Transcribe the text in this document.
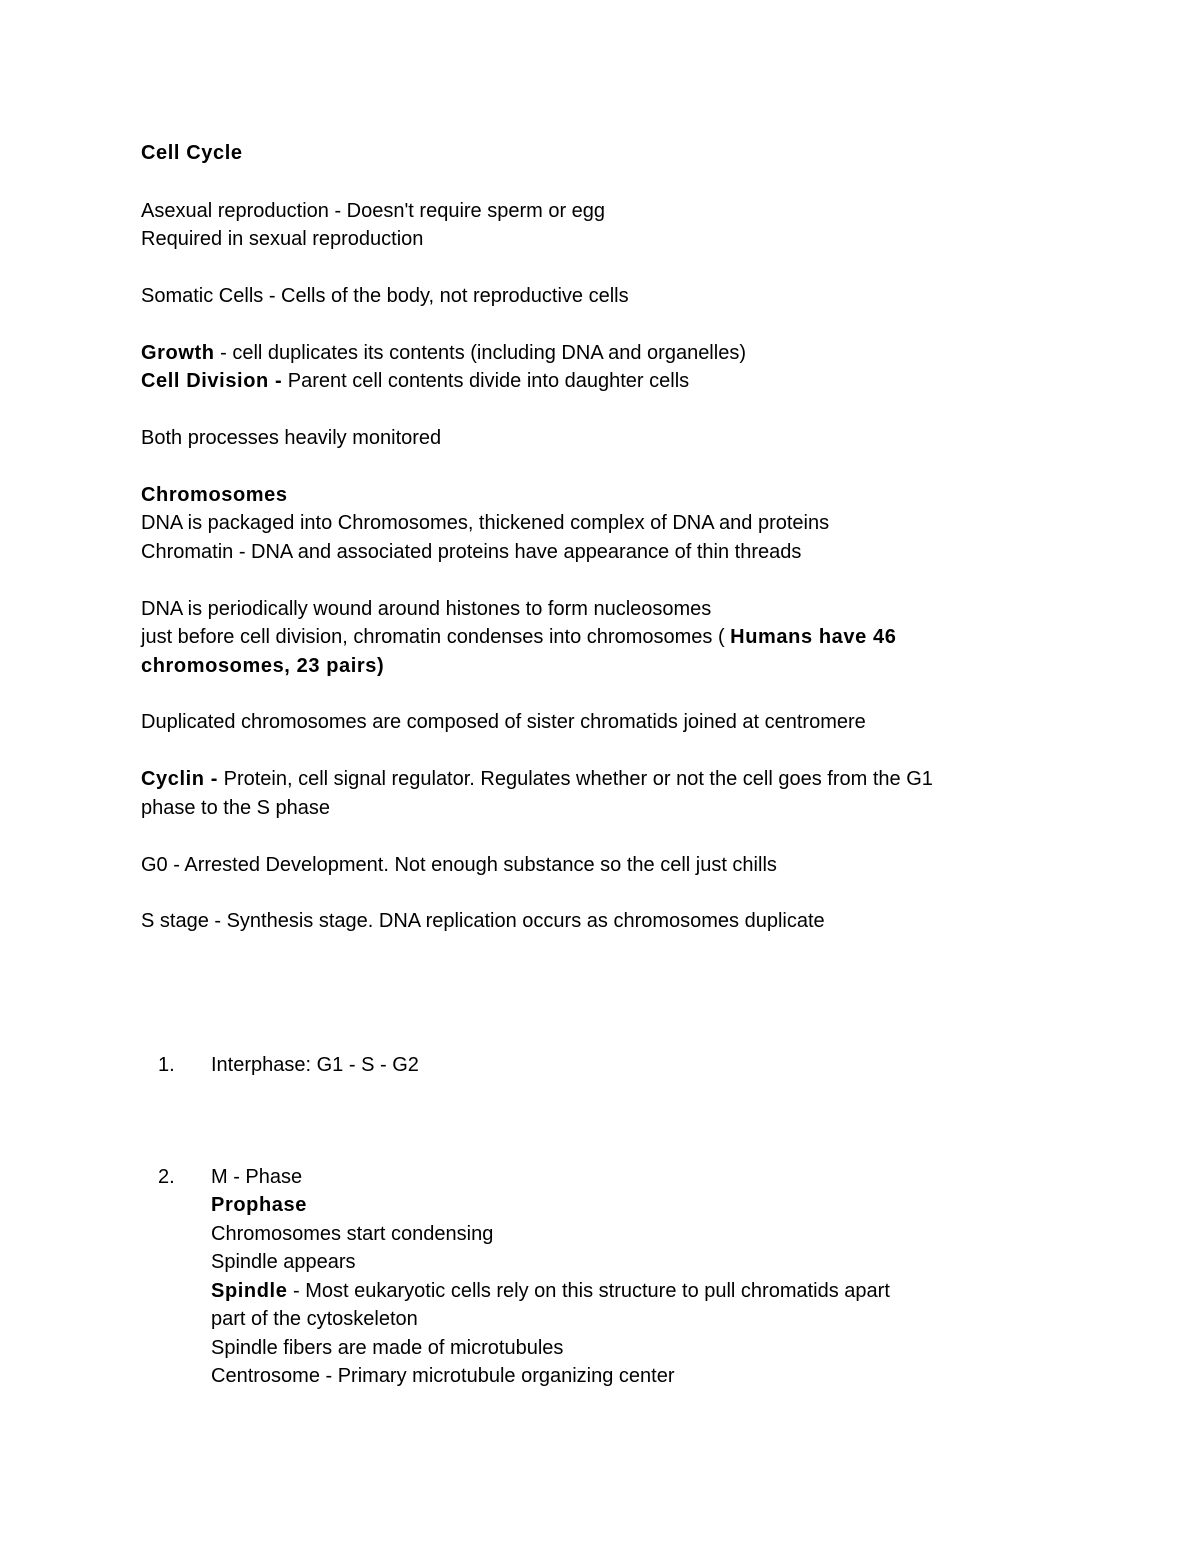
Cell Cycle

Asexual reproduction - Doesn't require sperm or egg

Required in sexual reproduction

Somatic Cells - Cells of the body, not reproductive cells

Growth - cell duplicates its contents (including DNA and organelles)

Cell Division - Parent cell contents divide into daughter cells

Both processes heavily monitored

Chromosomes

DNA is packaged into Chromosomes, thickened complex of DNA and proteins

Chromatin - DNA and associated proteins have appearance of thin threads

DNA is periodically wound around histones to form nucleosomes

just before cell division, chromatin condenses into chromosomes ( Humans have 46

chromosomes, 23 pairs)

Duplicated chromosomes are composed of sister chromatids joined at centromere

Cyclin - Protein, cell signal regulator. Regulates whether or not the cell goes from the G1

phase to the S phase

G0 - Arrested Development. Not enough substance so the cell just chills

S stage - Synthesis stage. DNA replication occurs as chromosomes duplicate

1. Interphase: G1 - S - G2

2. M - Phase

Prophase

Chromosomes start condensing

Spindle appears

Spindle - Most eukaryotic cells rely on this structure to pull chromatids apart

part of the cytoskeleton

Spindle fibers are made of microtubules

Centrosome - Primary microtubule organizing center
